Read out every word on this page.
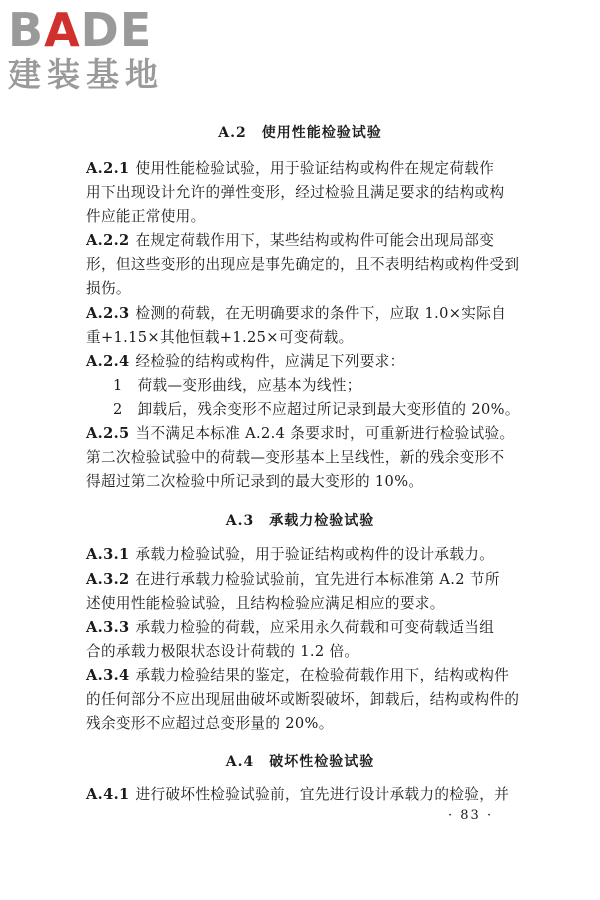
BADE
建装基地
A.2　使用性能检验试验
A.2.1 使用性能检验试验，用于验证结构或构件在规定荷载作
用下出现设计允许的弹性变形，经过检验且满足要求的结构或构
件应能正常使用。
A.2.2 在规定荷载作用下，某些结构或构件可能会出现局部变
形，但这些变形的出现应是事先确定的，且不表明结构或构件受到
损伤。
A.2.3 检测的荷载，在无明确要求的条件下，应取 1.0×实际自
重+1.15×其他恒载+1.25×可变荷载。
A.2.4 经检验的结构或构件，应满足下列要求：
1　荷载—变形曲线，应基本为线性；
2　卸载后，残余变形不应超过所记录到最大变形值的 20%。
A.2.5 当不满足本标准 A.2.4 条要求时，可重新进行检验试验。
第二次检验试验中的荷载—变形基本上呈线性，新的残余变形不
得超过第二次检验中所记录到的最大变形的 10%。
A.3　承载力检验试验
A.3.1 承载力检验试验，用于验证结构或构件的设计承载力。
A.3.2 在进行承载力检验试验前，宜先进行本标准第 A.2 节所
述使用性能检验试验，且结构检验应满足相应的要求。
A.3.3 承载力检验的荷载，应采用永久荷载和可变荷载适当组
合的承载力极限状态设计荷载的 1.2 倍。
A.3.4 承载力检验结果的鉴定，在检验荷载作用下，结构或构件
的任何部分不应出现屈曲破坏或断裂破坏，卸载后，结构或构件的
残余变形不应超过总变形量的 20%。
A.4　破坏性检验试验
A.4.1 进行破坏性检验试验前，宜先进行设计承载力的检验，并
· 83 ·
